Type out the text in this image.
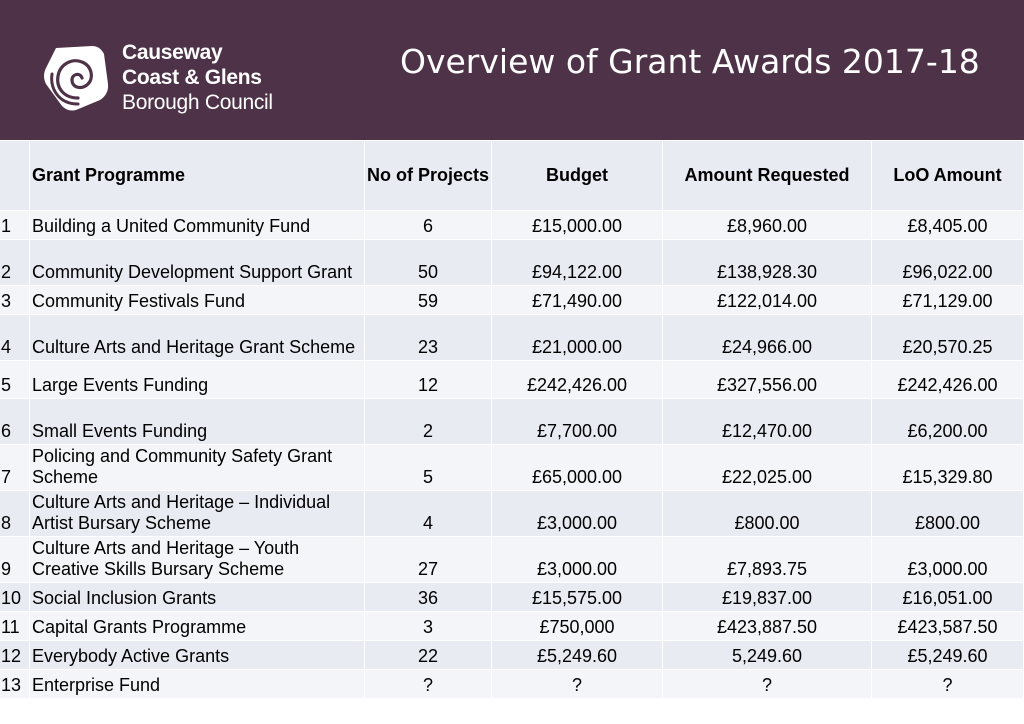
Causeway
Coast & Glens
Borough Council
Overview of Grant Awards 2017-18
	Grant Programme	No of Projects	Budget	Amount Requested	LoO Amount
1	Building a United Community Fund	6	£15,000.00	£8,960.00	£8,405.00
2	Community Development Support Grant	50	£94,122.00	£138,928.30	£96,022.00
3	Community Festivals Fund	59	£71,490.00	£122,014.00	£71,129.00
4	Culture Arts and Heritage Grant Scheme	23	£21,000.00	£24,966.00	£20,570.25
5	Large Events Funding	12	£242,426.00	£327,556.00	£242,426.00
6	Small Events Funding	2	£7,700.00	£12,470.00	£6,200.00
7	Policing and Community Safety Grant Scheme	5	£65,000.00	£22,025.00	£15,329.80
8	Culture Arts and Heritage – Individual Artist Bursary Scheme	4	£3,000.00	£800.00	£800.00
9	Culture Arts and Heritage – Youth Creative Skills Bursary Scheme	27	£3,000.00	£7,893.75	£3,000.00
10	Social Inclusion Grants	36	£15,575.00	£19,837.00	£16,051.00
11	Capital Grants Programme	3	£750,000	£423,887.50	£423,587.50
12	Everybody Active Grants	22	£5,249.60	5,249.60	£5,249.60
13	Enterprise Fund	?	?	?	?
